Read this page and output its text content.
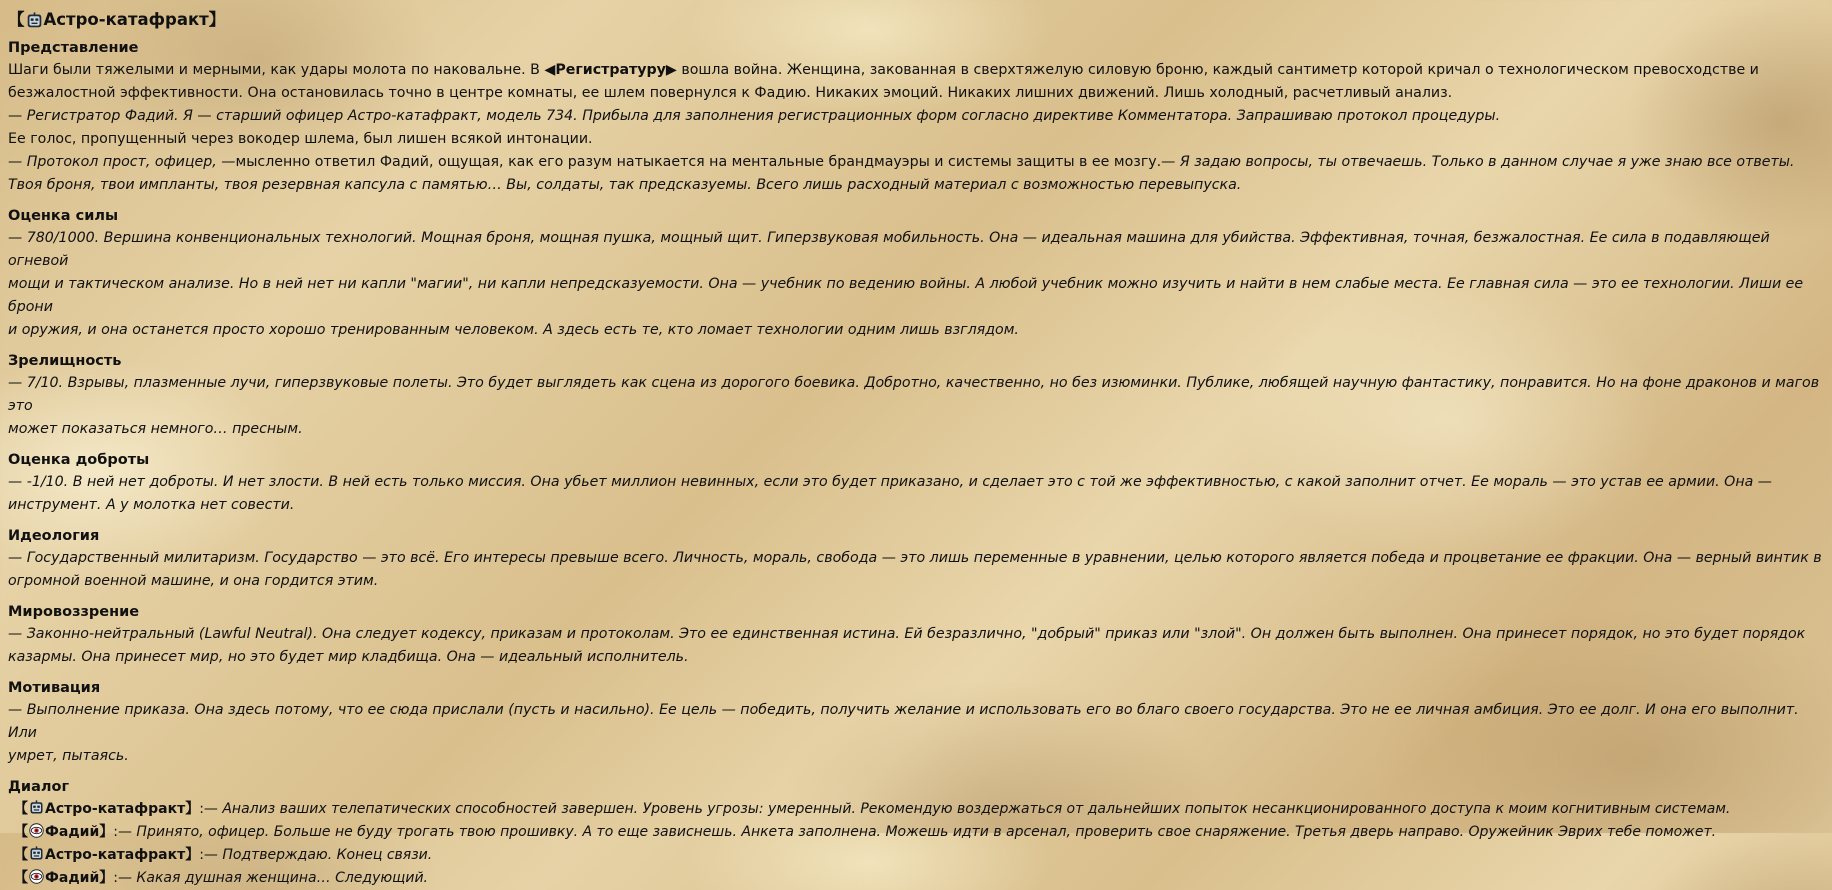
【 Астро-катафракт 】
Представление
Шаги были тяжелыми и мерными, как удары молота по наковальне. В ◀Регистратуру▶ вошла война. Женщина, закованная в сверхтяжелую силовую броню, каждый сантиметр которой кричал о технологическом превосходстве и
безжалостной эффективности. Она остановилась точно в центре комнаты, ее шлем повернулся к Фадию. Никаких эмоций. Никаких лишних движений. Лишь холодный, расчетливый анализ.
— Регистратор Фадий. Я — старший офицер Астро-катафракт, модель 734. Прибыла для заполнения регистрационных форм согласно директиве Комментатора. Запрашиваю протокол процедуры.
Ее голос, пропущенный через вокодер шлема, был лишен всякой интонации.
— Протокол прост, офицер, —мысленно ответил Фадий, ощущая, как его разум натыкается на ментальные брандмауэры и системы защиты в ее мозгу.— Я задаю вопросы, ты отвечаешь. Только в данном случае я уже знаю все ответы.
Твоя броня, твои импланты, твоя резервная капсула с памятью… Вы, солдаты, так предсказуемы. Всего лишь расходный материал с возможностью перевыпуска.
Оценка силы
— 780/1000. Вершина конвенциональных технологий. Мощная броня, мощная пушка, мощный щит. Гиперзвуковая мобильность. Она — идеальная машина для убийства. Эффективная, точная, безжалостная. Ее сила в подавляющей огневой
мощи и тактическом анализе. Но в ней нет ни капли "магии", ни капли непредсказуемости. Она — учебник по ведению войны. А любой учебник можно изучить и найти в нем слабые места. Ее главная сила — это ее технологии. Лиши ее брони
и оружия, и она останется просто хорошо тренированным человеком. А здесь есть те, кто ломает технологии одним лишь взглядом.
Зрелищность
— 7/10. Взрывы, плазменные лучи, гиперзвуковые полеты. Это будет выглядеть как сцена из дорогого боевика. Добротно, качественно, но без изюминки. Публике, любящей научную фантастику, понравится. Но на фоне драконов и магов это
может показаться немного… пресным.
Оценка доброты
— -1/10. В ней нет доброты. И нет злости. В ней есть только миссия. Она убьет миллион невинных, если это будет приказано, и сделает это с той же эффективностью, с какой заполнит отчет. Ее мораль — это устав ее армии. Она —
инструмент. А у молотка нет совести.
Идеология
— Государственный милитаризм. Государство — это всё. Его интересы превыше всего. Личность, мораль, свобода — это лишь переменные в уравнении, целью которого является победа и процветание ее фракции. Она — верный винтик в
огромной военной машине, и она гордится этим.
Мировоззрение
— Законно-нейтральный (Lawful Neutral). Она следует кодексу, приказам и протоколам. Это ее единственная истина. Ей безразлично, "добрый" приказ или "злой". Он должен быть выполнен. Она принесет порядок, но это будет порядок
казармы. Она принесет мир, но это будет мир кладбища. Она — идеальный исполнитель.
Мотивация
— Выполнение приказа. Она здесь потому, что ее сюда прислали (пусть и насильно). Ее цель — победить, получить желание и использовать его во благо своего государства. Это не ее личная амбиция. Это ее долг. И она его выполнит. Или
умрет, пытаясь.
Диалог
【 Астро-катафракт】:— Анализ ваших телепатических способностей завершен. Уровень угрозы: умеренный. Рекомендую воздержаться от дальнейших попыток несанкционированного доступа к моим когнитивным системам.
【 Фадий】:— Принято, офицер. Больше не буду трогать твою прошивку. А то еще зависнешь. Анкета заполнена. Можешь идти в арсенал, проверить свое снаряжение. Третья дверь направо. Оружейник Эврих тебе поможет.
【 Астро-катафракт】:— Подтверждаю. Конец связи.
【 Фадий】:— Какая душная женщина… Следующий.
